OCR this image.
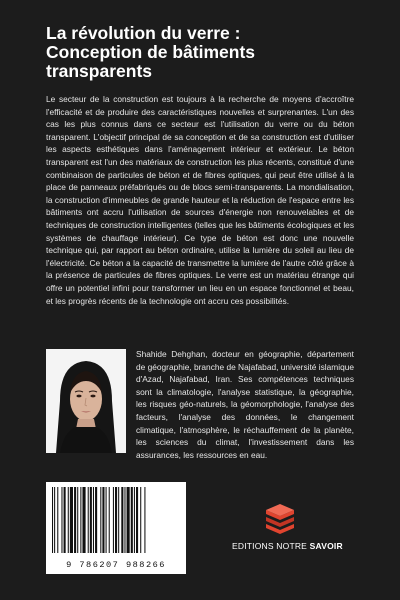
La révolution du verre :
Conception de bâtiments
transparents

Le secteur de la construction est toujours à la recherche de moyens d'accroître l'efficacité et de produire des caractéristiques nouvelles et surprenantes. L'un des cas les plus connus dans ce secteur est l'utilisation du verre ou du béton transparent. L'objectif principal de sa conception et de sa construction est d'utiliser les aspects esthétiques dans l'aménagement intérieur et extérieur. Le béton transparent est l'un des matériaux de construction les plus récents, constitué d'une combinaison de particules de béton et de fibres optiques, qui peut être utilisé à la place de panneaux préfabriqués ou de blocs semi-transparents. La mondialisation, la construction d'immeubles de grande hauteur et la réduction de l'espace entre les bâtiments ont accru l'utilisation de sources d'énergie non renouvelables et de techniques de construction intelligentes (telles que les bâtiments écologiques et les systèmes de chauffage intérieur). Ce type de béton est donc une nouvelle technique qui, par rapport au béton ordinaire, utilise la lumière du soleil au lieu de l'électricité. Ce béton a la capacité de transmettre la lumière de l'autre côté grâce à la présence de particules de fibres optiques. Le verre est un matériau étrange qui offre un potentiel infini pour transformer un lieu en un espace fonctionnel et beau, et les progrès récents de la technologie ont accru ces possibilités.

Shahide Dehghan, docteur en géographie, département de géographie, branche de Najafabad, université islamique d'Azad, Najafabad, Iran. Ses compétences techniques sont la climatologie, l'analyse statistique, la géographie, les risques géo-naturels, la géomorphologie, l'analyse des facteurs, l'analyse des données, le changement climatique, l'atmosphère, le réchauffement de la planète, les sciences du climat, l'investissement dans les assurances, les ressources en eau.

9 786207 988266
EDITIONS NOTRE SAVOIR
